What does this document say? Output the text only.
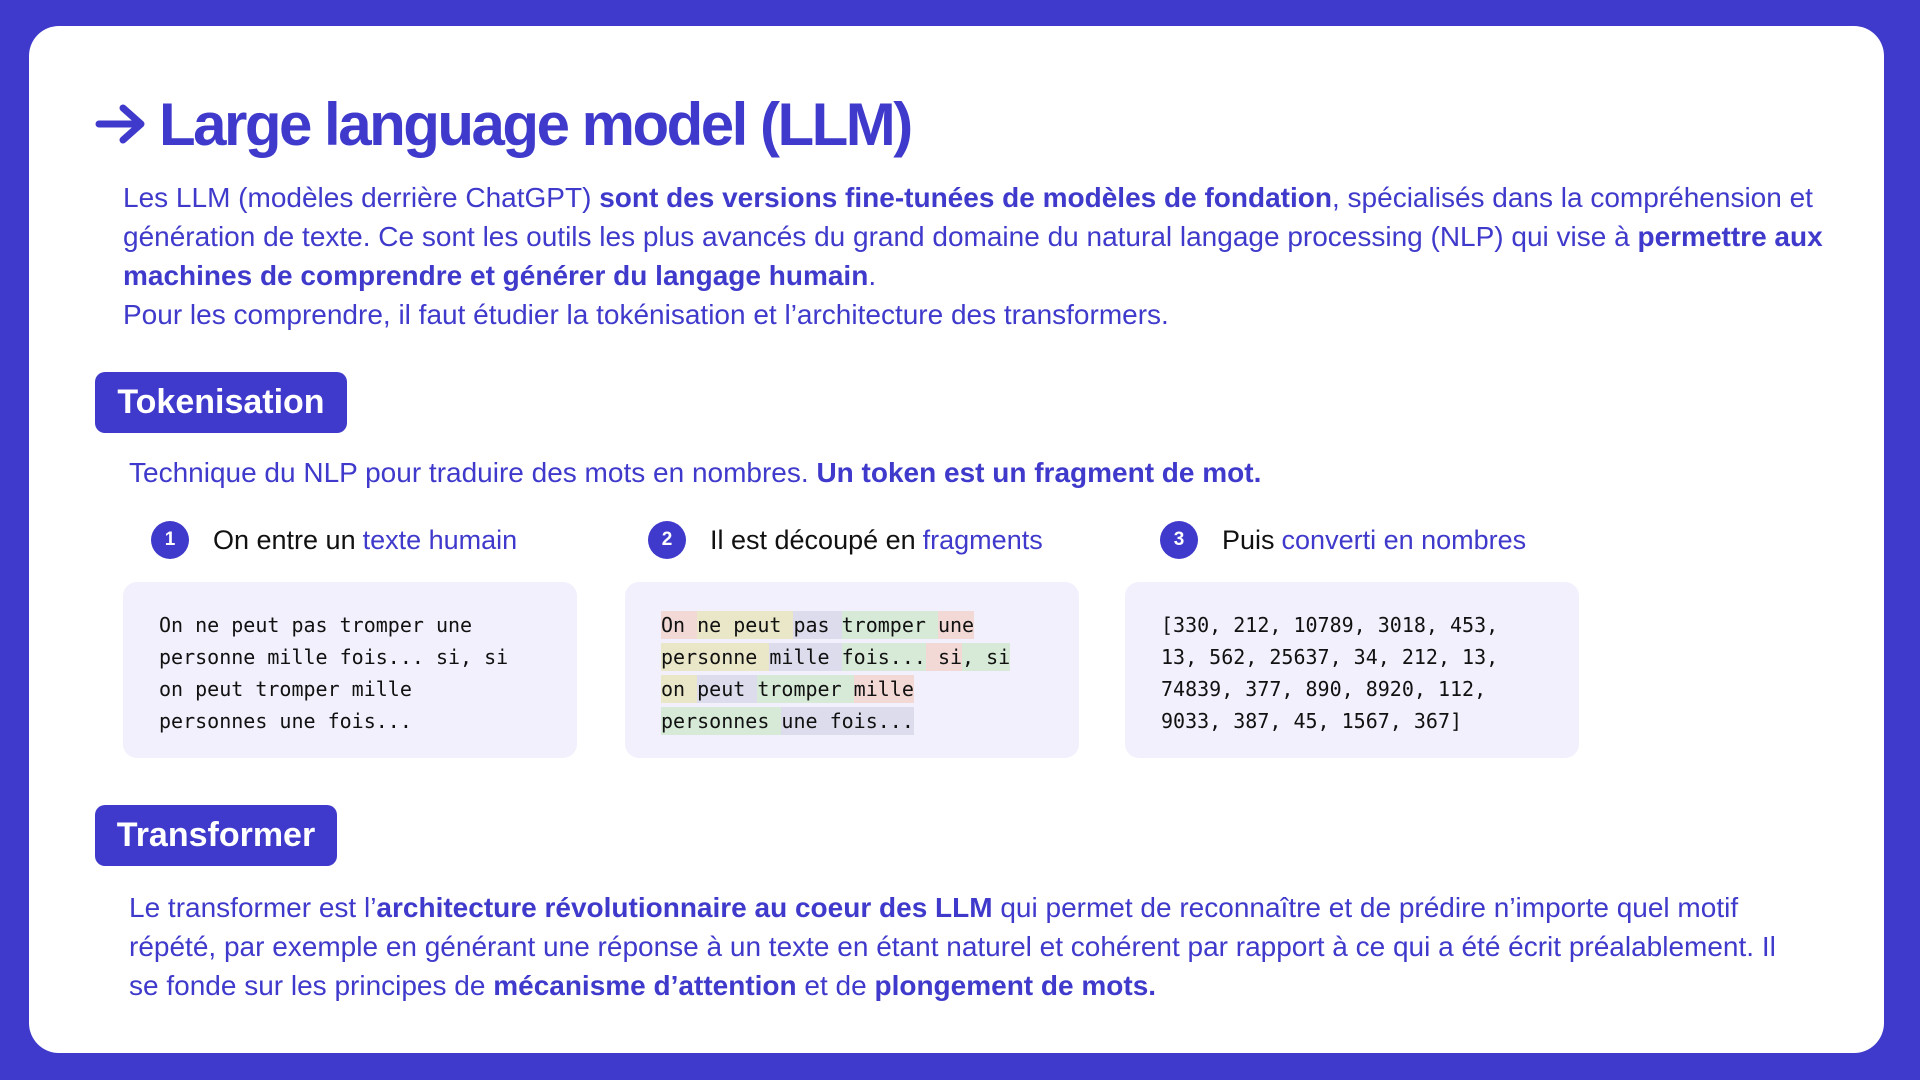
Large language model (LLM)

Les LLM (modèles derrière ChatGPT) sont des versions fine-tunées de modèles de fondation, spécialisés dans la compréhension et génération de texte. Ce sont les outils les plus avancés du grand domaine du natural langage processing (NLP) qui vise à permettre aux machines de comprendre et générer du langage humain.

Pour les comprendre, il faut étudier la tokénisation et l’architecture des transformers.

Tokenisation
Technique du NLP pour traduire des mots en nombres. Un token est un fragment de mot.
1	On entre un texte humain	2	Il est découpé en fragments	3	Puis converti en nombres
On ne peut pas tromper une
personne mille fois... si, si
on peut tromper mille
personnes une fois...
On ne peut pas tromper une
personne mille fois... si, si
on peut tromper mille
personnes une fois...
[330, 212, 10789, 3018, 453,
13, 562, 25637, 34, 212, 13,
74839, 377, 890, 8920, 112,
9033, 387, 45, 1567, 367]
Transformer

Le transformer est l’architecture révolutionnaire au coeur des LLM qui permet de reconnaître et de prédire n’importe quel motif répété, par exemple en générant une réponse à un texte en étant naturel et cohérent par rapport à ce qui a été écrit préalablement. Il se fonde sur les principes de mécanisme d’attention et de plongement de mots.
